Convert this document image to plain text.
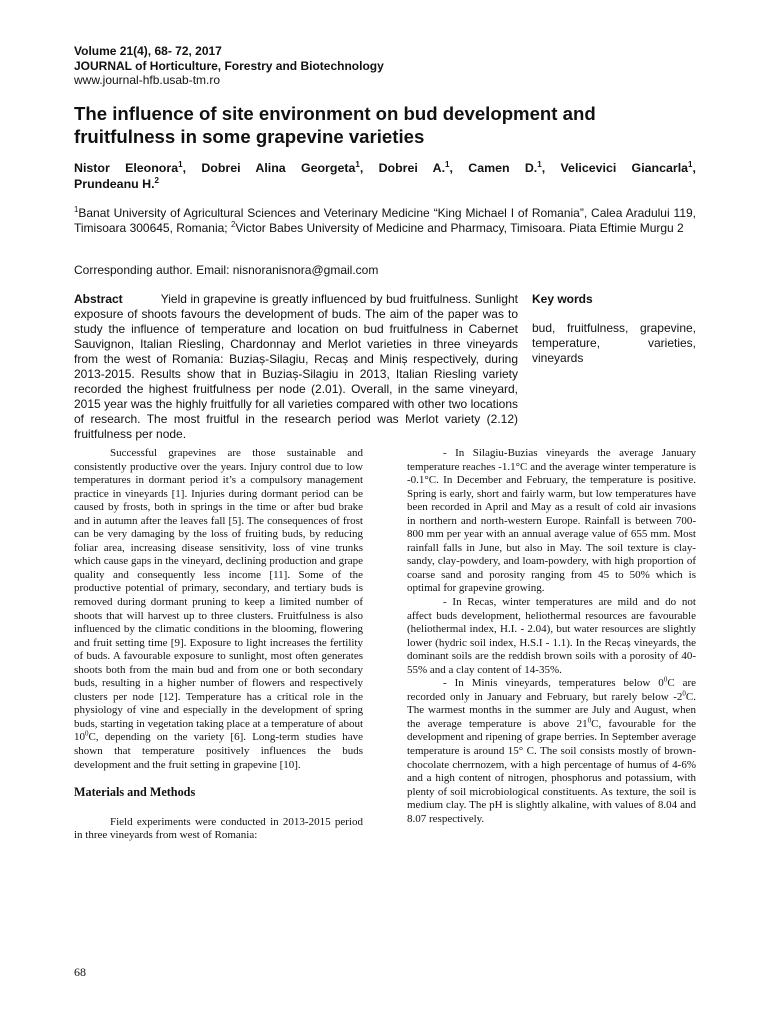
Volume 21(4), 68- 72, 2017
JOURNAL of Horticulture, Forestry and Biotechnology
www.journal-hfb.usab-tm.ro
The influence of site environment on bud development and fruitfulness in some grapevine varieties
Nistor Eleonora$^1$, Dobrei Alina Georgeta$^1$, Dobrei A.$^1$, Camen D.$^1$, Velicevici Giancarla$^1$,
Prundeanu H.$^2$
$^1$Banat University of Agricultural Sciences and Veterinary Medicine “King Michael I of Romania”, Calea Aradului 119, Timisoara 300645, Romania; $^2$Victor Babes University of Medicine and Pharmacy, Timisoara. Piata Eftimie Murgu 2
Corresponding author. Email: nisnoranisnora@gmail.com
Abstract	Yield in grapevine is greatly influenced by bud fruitfulness. Sunlight exposure of shoots favours the development of buds. The aim of the paper was to study the influence of temperature and location on bud fruitfulness in Cabernet Sauvignon, Italian Riesling, Chardonnay and Merlot varieties in three vineyards from the west of Romania: Buziaș-Silagiu, Recaș and Miniș respectively, during 2013-2015. Results show that in Buziaș-Silagiu in 2013, Italian Riesling variety recorded the highest fruitfulness per node (2.01). Overall, in the same vineyard, 2015 year was the highly fruitfully for all varieties compared with other two locations of research. The most fruitful in the research period was Merlot variety (2.12) fruitfulness per node.
Key words
bud, fruitfulness, grapevine, temperature, varieties, vineyards

Successful grapevines are those sustainable and consistently productive over the years. Injury control due to low temperatures in dormant period it’s a compulsory management practice in vineyards [1]. Injuries during dormant period can be caused by frosts, both in springs in the time or after bud brake and in autumn after the leaves fall [5]. The consequences of frost can be very damaging by the loss of fruiting buds, by reducing foliar area, increasing disease sensitivity, loss of vine trunks which cause gaps in the vineyard, declining production and grape quality and consequently less income [11]. Some of the productive potential of primary, secondary, and tertiary buds is removed during dormant pruning to keep a limited number of shoots that will harvest up to three clusters. Fruitfulness is also influenced by the climatic conditions in the blooming, flowering and fruit setting time [9]. Exposure to light increases the fertility of buds. A favourable exposure to sunlight, most often generates shoots both from the main bud and from one or both secondary buds, resulting in a higher number of flowers and respectively clusters per node [12]. Temperature has a critical role in the physiology of vine and especially in the development of spring buds, starting in vegetation taking place at a temperature of about $10^0C$, depending on the variety [6]. Long-term studies have shown that temperature positively influences the buds development and the fruit setting in grapevine [10].

Materials and Methods

Field experiments were conducted in 2013-2015 period in three vineyards from west of Romania:

- In Silagiu-Buzias vineyards the average January temperature reaches -1.1°C and the average winter temperature is -0.1°C. In December and February, the temperature is positive. Spring is early, short and fairly warm, but low temperatures have been recorded in April and May as a result of cold air invasions in northern and north-western Europe. Rainfall is between 700-800 mm per year with an annual average value of 655 mm. Most rainfall falls in June, but also in May. The soil texture is clay-sandy, clay-powdery, and loam-powdery, with high proportion of coarse sand and porosity ranging from 45 to 50% which is optimal for grapevine growing.

- In Recas, winter temperatures are mild and do not affect buds development, heliothermal resources are favourable (heliothermal index, H.I. - 2.04), but water resources are slightly lower (hydric soil index, H.S.I - 1.1). In the Recaș vineyards, the dominant soils are the reddish brown soils with a porosity of 40-55% and a clay content of 14-35%.

- In Minis vineyards, temperatures below $0^0C$ are recorded only in January and February, but rarely below $-2^0C$. The warmest months in the summer are July and August, when the average temperature is above $21^0C$, favourable for the development and ripening of grape berries. In September average temperature is around 15° C. The soil consists mostly of brown- chocolate cherrnozem, with a high percentage of humus of 4-6% and a high content of nitrogen, phosphorus and potassium, with plenty of soil microbiological constituents. As texture, the soil is medium clay. The pH is slightly alkaline, with values of 8.04 and 8.07 respectively.

68
